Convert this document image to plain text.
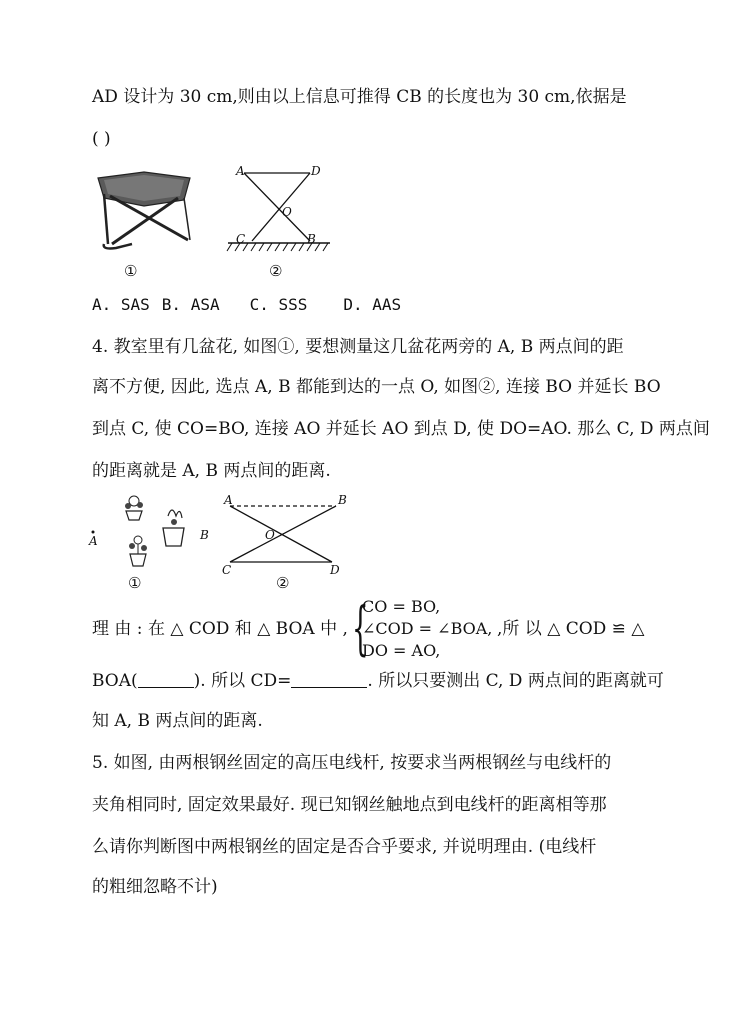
AD 设计为 30 cm,则由以上信息可推得 CB 的长度也为 30 cm,依据是
( )
①
A	D
O
C	B
②
A. SAS B. ASA C. SSS D. AAS
4. 教室里有几盆花, 如图①, 要想测量这几盆花两旁的 A, B 两点间的距
离不方便, 因此, 选点 A, B 都能到达的一点 O, 如图②, 连接 BO 并延长 BO
到点 C, 使 CO=BO, 连接 AO 并延长 AO 到点 D, 使 DO=AO. 那么 C, D 两点间
的距离就是 A, B 两点间的距离.
A	B
①
A	B
O
C	D
②
理 由 : 在 △ COD 和 △ BOA 中 , {
CO = BO,
∠COD = ∠BOA,
DO = AO,
,所 以 △ COD ≌ △
BOA(	). 所以 CD=	. 所以只要测出 C, D 两点间的距离就可
知 A, B 两点间的距离.
5. 如图, 由两根钢丝固定的高压电线杆, 按要求当两根钢丝与电线杆的
夹角相同时, 固定效果最好. 现已知钢丝触地点到电线杆的距离相等那
么请你判断图中两根钢丝的固定是否合乎要求, 并说明理由. (电线杆
的粗细忽略不计)
